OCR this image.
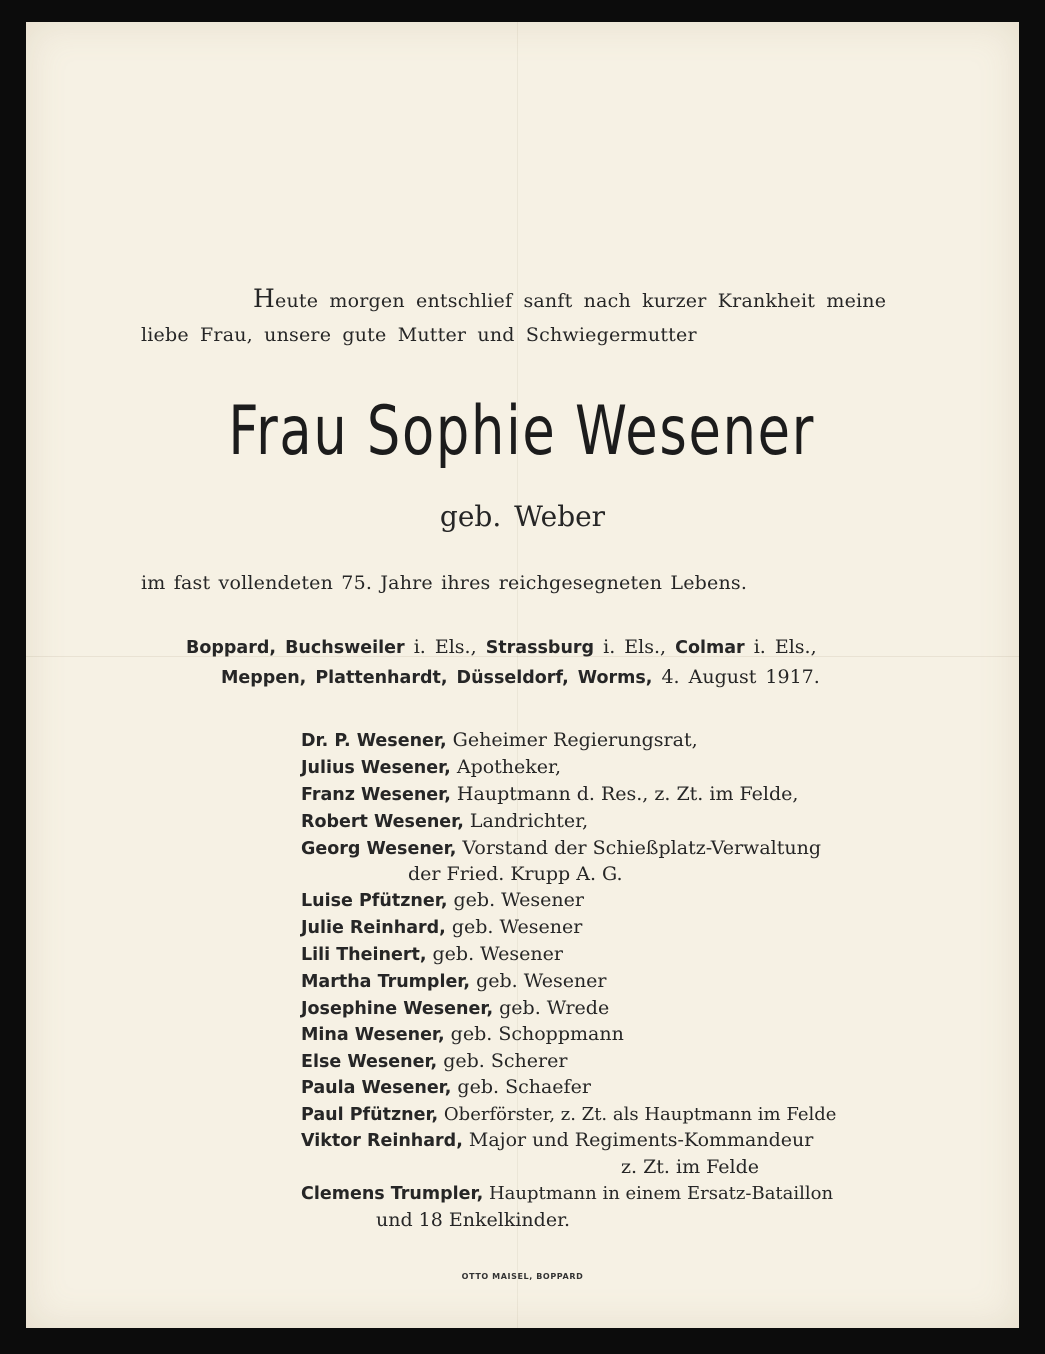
Heute morgen entschlief sanft nach kurzer Krankheit meine
liebe Frau, unsere gute Mutter und Schwiegermutter
Frau Sophie Wesener
geb. Weber
im fast vollendeten 75. Jahre ihres reichgesegneten Lebens.
Boppard, Buchsweiler i. Els., Strassburg i. Els., Colmar i. Els.,
Meppen, Plattenhardt, Düsseldorf, Worms, 4. August 1917.
Dr. P. Wesener, Geheimer Regierungsrat,
Julius Wesener, Apotheker,
Franz Wesener, Hauptmann d. Res., z. Zt. im Felde,
Robert Wesener, Landrichter,
Georg Wesener, Vorstand der Schießplatz-Verwaltung
der Fried. Krupp A. G.
Luise Pfützner, geb. Wesener
Julie Reinhard, geb. Wesener
Lili Theinert, geb. Wesener
Martha Trumpler, geb. Wesener
Josephine Wesener, geb. Wrede
Mina Wesener, geb. Schoppmann
Else Wesener, geb. Scherer
Paula Wesener, geb. Schaefer
Paul Pfützner, Oberförster, z. Zt. als Hauptmann im Felde
Viktor Reinhard, Major und Regiments-Kommandeur
z. Zt. im Felde
Clemens Trumpler, Hauptmann in einem Ersatz-Bataillon
und 18 Enkelkinder.
OTTO MAISEL, BOPPARD
